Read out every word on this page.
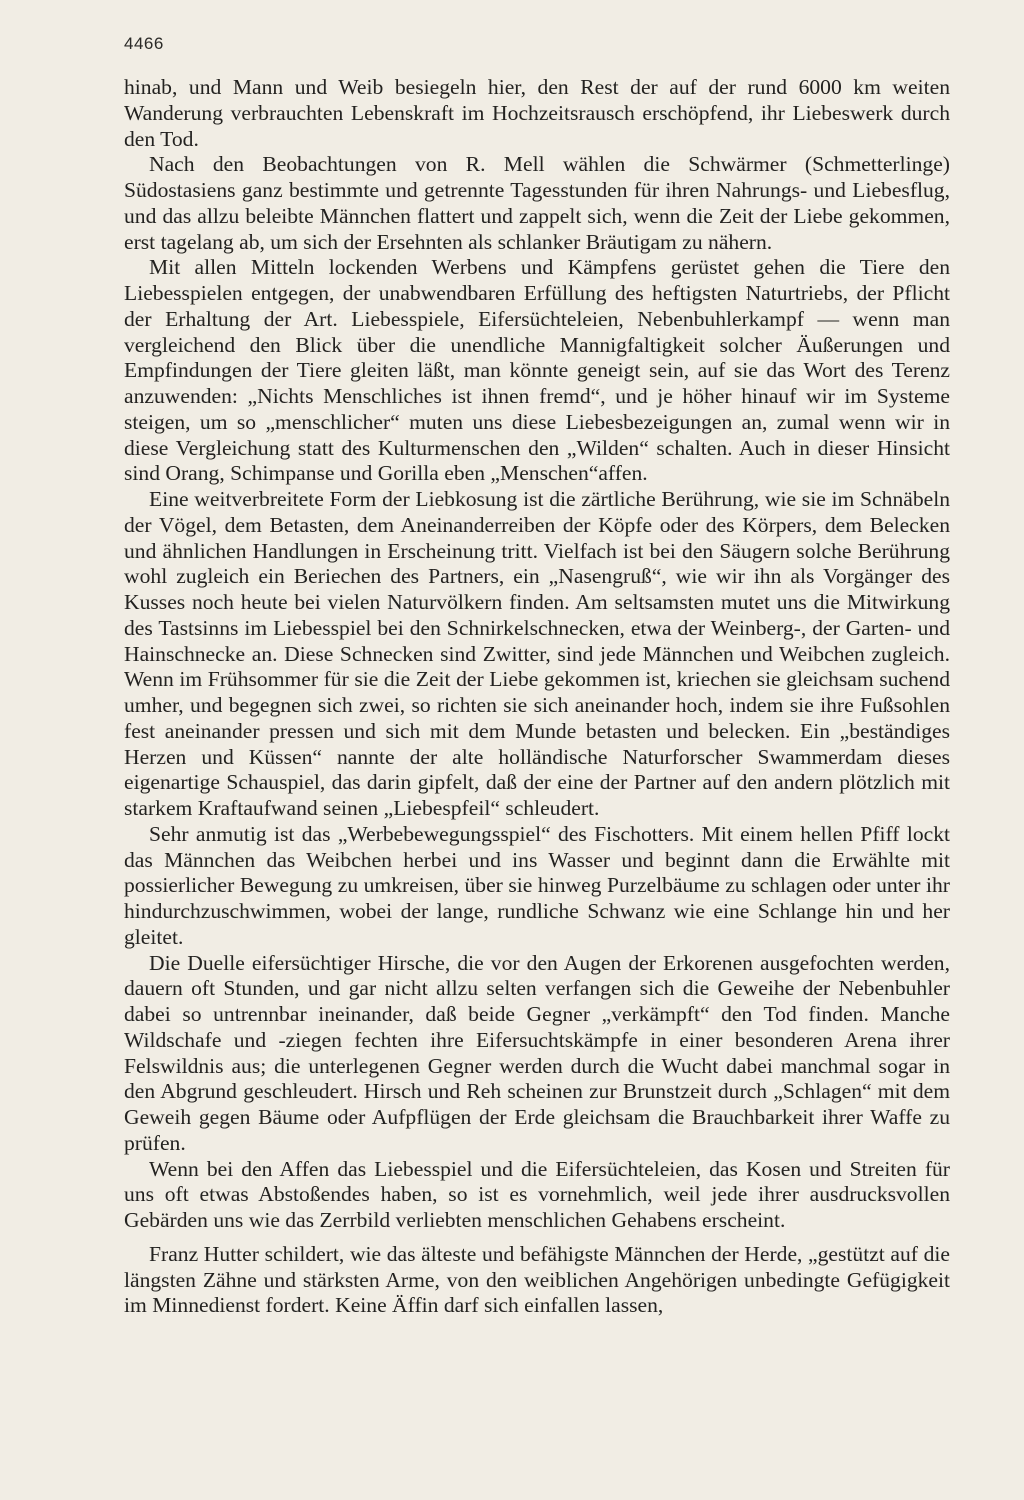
4466

hinab, und Mann und Weib besiegeln hier, den Rest der auf der rund 6000 km weiten Wanderung verbrauchten Lebenskraft im Hochzeitsrausch erschöpfend, ihr Liebeswerk durch den Tod.

Nach den Beobachtungen von R. Mell wählen die Schwärmer (Schmetterlinge) Südostasiens ganz bestimmte und getrennte Tagesstunden für ihren Nahrungs- und Liebesflug, und das allzu beleibte Männchen flattert und zappelt sich, wenn die Zeit der Liebe gekommen, erst tagelang ab, um sich der Ersehnten als schlanker Bräutigam zu nähern.

Mit allen Mitteln lockenden Werbens und Kämpfens gerüstet gehen die Tiere den Liebesspielen entgegen, der unabwendbaren Erfüllung des heftigsten Naturtriebs, der Pflicht der Erhaltung der Art. Liebesspiele, Eifersüchteleien, Nebenbuhlerkampf — wenn man vergleichend den Blick über die unendliche Mannigfaltigkeit solcher Äußerungen und Empfindungen der Tiere gleiten läßt, man könnte geneigt sein, auf sie das Wort des Terenz anzuwenden: „Nichts Menschliches ist ihnen fremd“, und je höher hinauf wir im Systeme steigen, um so „menschlicher“ muten uns diese Liebesbezeigungen an, zumal wenn wir in diese Vergleichung statt des Kulturmenschen den „Wilden“ schalten. Auch in dieser Hinsicht sind Orang, Schimpanse und Gorilla eben „Menschen“affen.

Eine weitverbreitete Form der Liebkosung ist die zärtliche Berührung, wie sie im Schnäbeln der Vögel, dem Betasten, dem Aneinanderreiben der Köpfe oder des Körpers, dem Belecken und ähnlichen Handlungen in Erscheinung tritt. Vielfach ist bei den Säugern solche Berührung wohl zugleich ein Beriechen des Partners, ein „Nasengruß“, wie wir ihn als Vorgänger des Kusses noch heute bei vielen Naturvölkern finden. Am seltsamsten mutet uns die Mitwirkung des Tastsinns im Liebesspiel bei den Schnirkelschnecken, etwa der Weinberg-, der Garten- und Hainschnecke an. Diese Schnecken sind Zwitter, sind jede Männchen und Weibchen zugleich. Wenn im Frühsommer für sie die Zeit der Liebe gekommen ist, kriechen sie gleichsam suchend umher, und begegnen sich zwei, so richten sie sich aneinander hoch, indem sie ihre Fußsohlen fest aneinander pressen und sich mit dem Munde betasten und belecken. Ein „beständiges Herzen und Küssen“ nannte der alte holländische Naturforscher Swammerdam dieses eigenartige Schauspiel, das darin gipfelt, daß der eine der Partner auf den andern plötzlich mit starkem Kraftaufwand seinen „Liebespfeil“ schleudert.

Sehr anmutig ist das „Werbebewegungsspiel“ des Fischotters. Mit einem hellen Pfiff lockt das Männchen das Weibchen herbei und ins Wasser und beginnt dann die Erwählte mit possierlicher Bewegung zu umkreisen, über sie hinweg Purzelbäume zu schlagen oder unter ihr hindurchzuschwimmen, wobei der lange, rundliche Schwanz wie eine Schlange hin und her gleitet.

Die Duelle eifersüchtiger Hirsche, die vor den Augen der Erkorenen ausgefochten werden, dauern oft Stunden, und gar nicht allzu selten verfangen sich die Geweihe der Nebenbuhler dabei so untrennbar ineinander, daß beide Gegner „verkämpft“ den Tod finden. Manche Wildschafe und -ziegen fechten ihre Eifersuchtskämpfe in einer besonderen Arena ihrer Felswildnis aus; die unterlegenen Gegner werden durch die Wucht dabei manchmal sogar in den Abgrund geschleudert. Hirsch und Reh scheinen zur Brunstzeit durch „Schlagen“ mit dem Geweih gegen Bäume oder Aufpflügen der Erde gleichsam die Brauchbarkeit ihrer Waffe zu prüfen.

Wenn bei den Affen das Liebesspiel und die Eifersüchteleien, das Kosen und Streiten für uns oft etwas Abstoßendes haben, so ist es vornehmlich, weil jede ihrer ausdrucksvollen Gebärden uns wie das Zerrbild verliebten menschlichen Gehabens erscheint.

Franz Hutter schildert, wie das älteste und befähigste Männchen der Herde, „gestützt auf die längsten Zähne und stärksten Arme, von den weiblichen Angehörigen unbedingte Gefügigkeit im Minnedienst fordert. Keine Äffin darf sich einfallen lassen,
